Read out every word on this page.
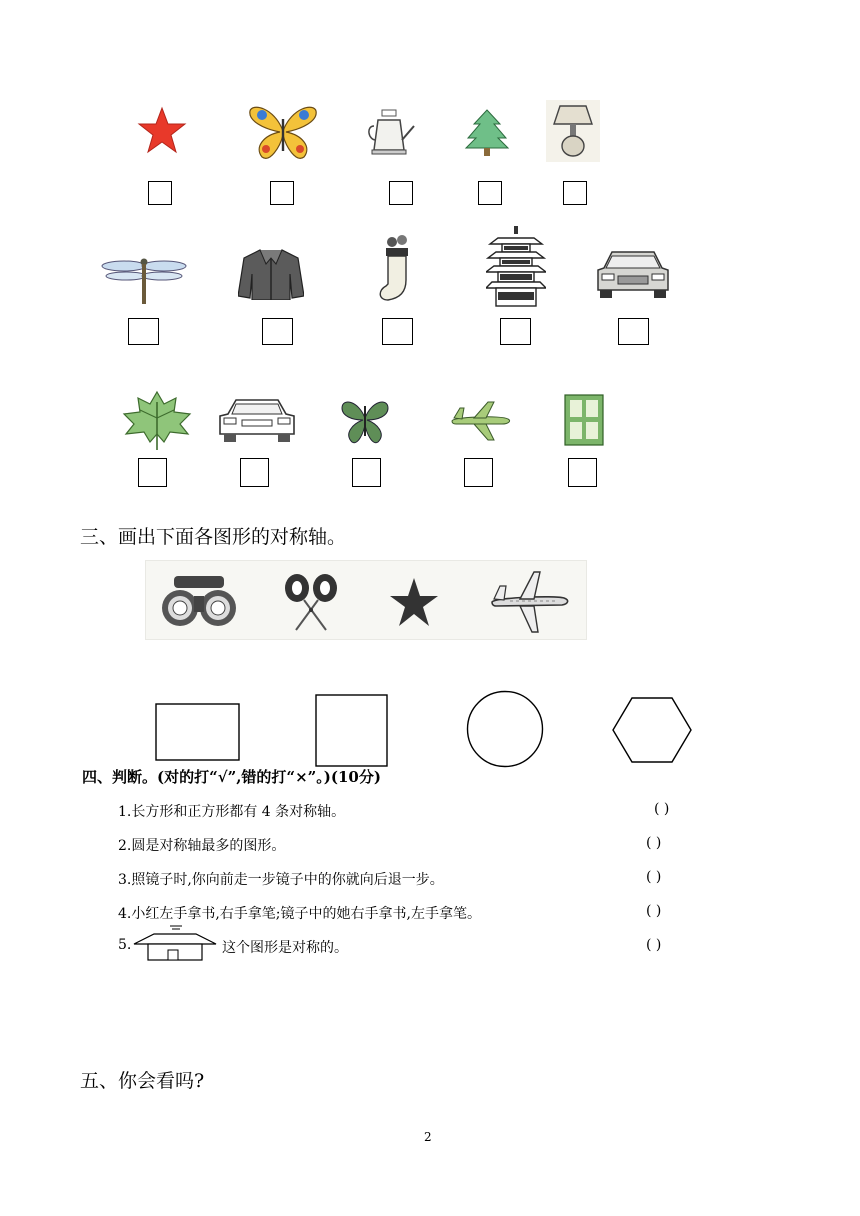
三、画出下面各图形的对称轴。
四、判断。(对的打“√”,错的打“×”。)(10分)
1.长方形和正方形都有 4 条对称轴。	( )
2.圆是对称轴最多的图形。	( )
3.照镜子时,你向前走一步镜子中的你就向后退一步。	( )
4.小红左手拿书,右手拿笔;镜子中的她右手拿书,左手拿笔。	( )
5.	这个图形是对称的。	( )
五、你会看吗?
2
